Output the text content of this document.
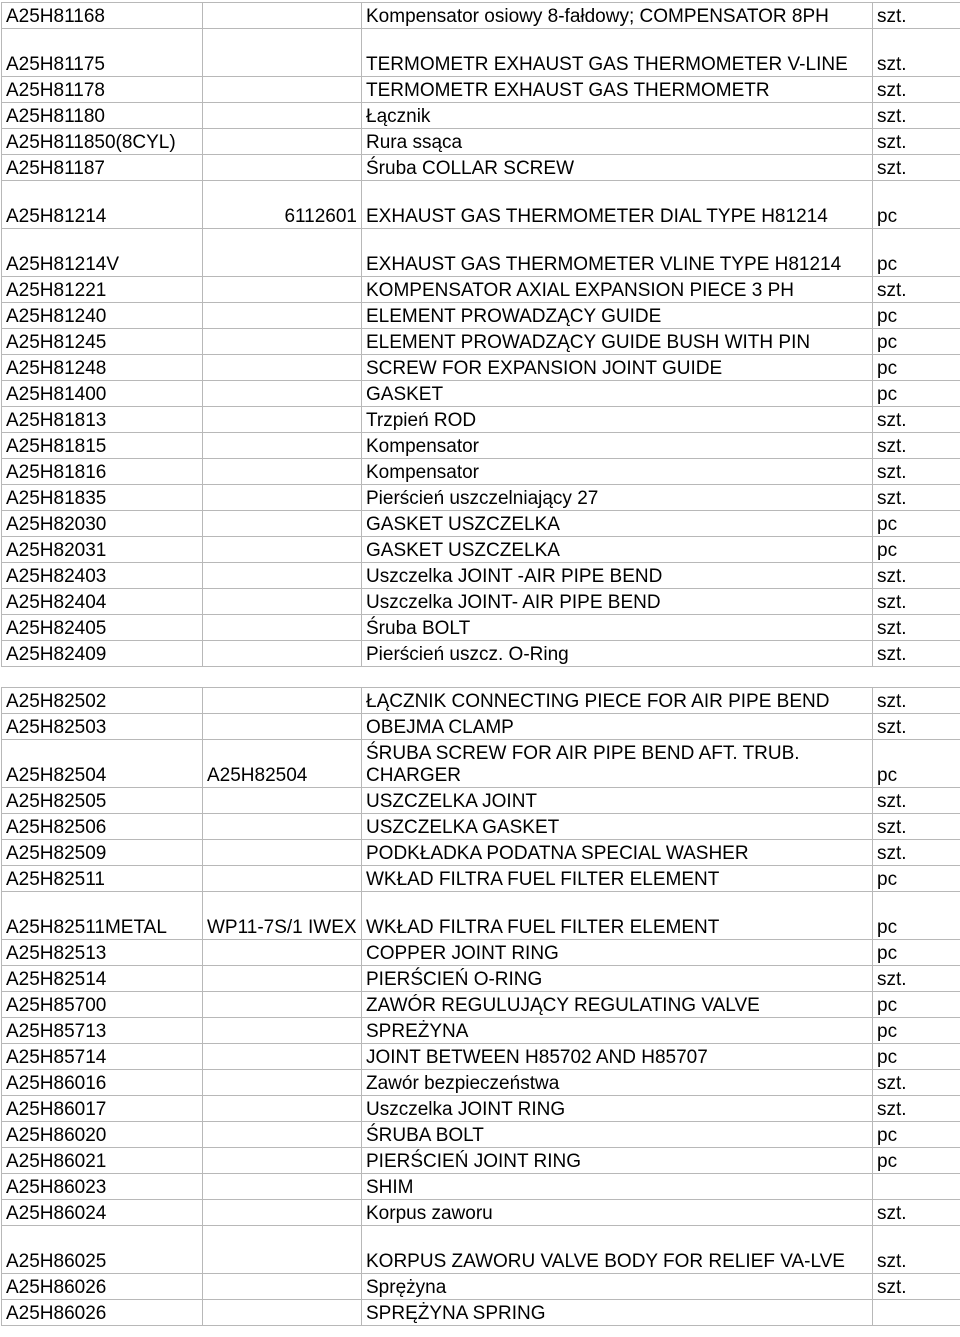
A25H81168		Kompensator osiowy 8-fałdowy; COMPENSATOR 8PH	szt.
A25H81175		TERMOMETR EXHAUST GAS THERMOMETER V-LINE	szt.
A25H81178		TERMOMETR EXHAUST GAS THERMOMETR	szt.
A25H81180		Łącznik	szt.
A25H811850(8CYL)		Rura ssąca	szt.
A25H81187		Śruba COLLAR SCREW	szt.
A25H81214	6112601	EXHAUST GAS THERMOMETER DIAL TYPE H81214	pc
A25H81214V		EXHAUST GAS THERMOMETER VLINE TYPE H81214	pc
A25H81221		KOMPENSATOR AXIAL EXPANSION PIECE 3 PH	szt.
A25H81240		ELEMENT PROWADZĄCY GUIDE	pc
A25H81245		ELEMENT PROWADZĄCY GUIDE BUSH WITH PIN	pc
A25H81248		SCREW FOR EXPANSION JOINT GUIDE	pc
A25H81400		GASKET	pc
A25H81813		Trzpień ROD	szt.
A25H81815		Kompensator	szt.
A25H81816		Kompensator	szt.
A25H81835		Pierścień uszczelniający 27	szt.
A25H82030		GASKET USZCZELKA	pc
A25H82031		GASKET USZCZELKA	pc
A25H82403		Uszczelka JOINT -AIR PIPE BEND	szt.
A25H82404		Uszczelka JOINT- AIR PIPE BEND	szt.
A25H82405		Śruba BOLT	szt.
A25H82409		Pierścień uszcz. O-Ring	szt.

A25H82502		ŁĄCZNIK CONNECTING PIECE FOR AIR PIPE BEND	szt.
A25H82503		OBEJMA CLAMP	szt.
A25H82504	A25H82504	ŚRUBA SCREW FOR AIR PIPE BEND AFT. TRUB. CHARGER	pc
A25H82505		USZCZELKA JOINT	szt.
A25H82506		USZCZELKA GASKET	szt.
A25H82509		PODKŁADKA PODATNA SPECIAL WASHER	szt.
A25H82511		WKŁAD FILTRA FUEL FILTER ELEMENT	pc
A25H82511METAL	WP11-7S/1 IWEX	WKŁAD FILTRA FUEL FILTER ELEMENT	pc
A25H82513		COPPER JOINT RING	pc
A25H82514		PIERŚCIEŃ O-RING	szt.
A25H85700		ZAWÓR REGULUJĄCY REGULATING VALVE	pc
A25H85713		SPREŻYNA	pc
A25H85714		JOINT BETWEEN H85702 AND H85707	pc
A25H86016		Zawór bezpieczeństwa	szt.
A25H86017		Uszczelka JOINT RING	szt.
A25H86020		ŚRUBA BOLT	pc
A25H86021		PIERŚCIEŃ JOINT RING	pc
A25H86023		SHIM	
A25H86024		Korpus zaworu	szt.
A25H86025		KORPUS ZAWORU VALVE BODY FOR RELIEF VA-LVE	szt.
A25H86026		Sprężyna	szt.
A25H86026		SPRĘŻYNA SPRING	
